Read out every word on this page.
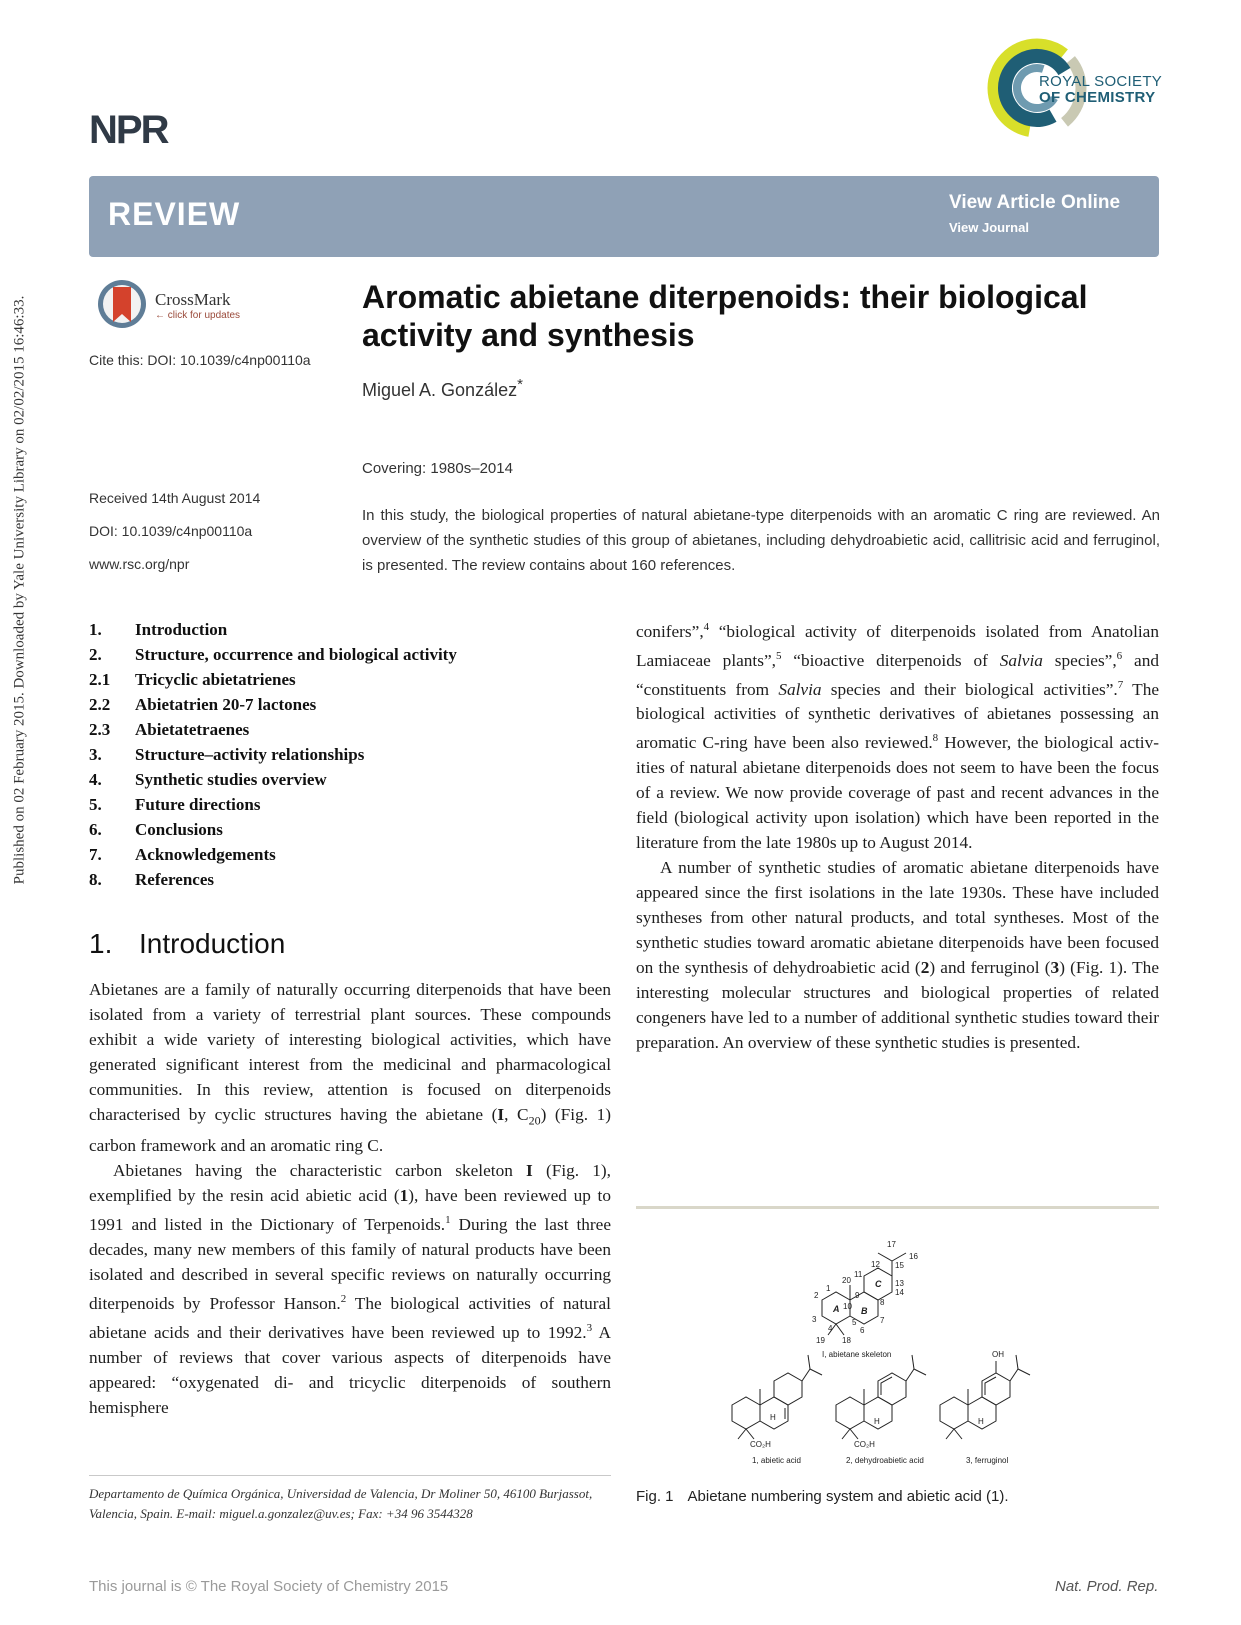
Published on 02 February 2015. Downloaded by Yale University Library on 02/02/2015 16:46:33.
NPR
ROYAL SOCIETY
OF CHEMISTRY
REVIEW	View Article Online
View Journal
CrossMark
← click for updates
Cite this: DOI: 10.1039/c4np00110a
Received 14th August 2014
DOI: 10.1039/c4np00110a
www.rsc.org/npr
Aromatic abietane diterpenoids: their biological activity and synthesis
Miguel A. González*
Covering: 1980s–2014
In this study, the biological properties of natural abietane-type diterpenoids with an aromatic C ring are reviewed. An overview of the synthetic studies of this group of abietanes, including dehydroabietic acid, callitrisic acid and ferruginol, is presented. The review contains about 160 references.
1.	Introduction
2.	Structure, occurrence and biological activity
2.1	Tricyclic abietatrienes
2.2	Abietatrien 20-7 lactones
2.3	Abietatetraenes
3.	Structure–activity relationships
4.	Synthetic studies overview
5.	Future directions
6.	Conclusions
7.	Acknowledgements
8.	References
1. Introduction

Abietanes are a family of naturally occurring diterpenoids that have been isolated from a variety of terrestrial plant sources. These compounds exhibit a wide variety of interesting biological activities, which have generated significant interest from the medicinal and pharmacological communities. In this review, attention is focused on diterpenoids characterised by cyclic structures having the abietane (I, $C_{20}$) (Fig. 1) carbon framework and an aromatic ring C.

Abietanes having the characteristic carbon skeleton I (Fig. 1), exemplified by the resin acid abietic acid (1), have been reviewed up to 1991 and listed in the Dictionary of Terpenoids.$^1$ During the last three decades, many new members of this family of natural products have been isolated and described in several specific reviews on naturally occurring diterpenoids by Professor Hanson.$^2$ The biological activities of natural abietane acids and their derivatives have been reviewed up to 1992.$^3$ A number of reviews that cover various aspects of diterpenoids have appeared: “oxygenated di- and tricyclic diterpenoids of southern hemisphere

conifers”,$^4$ “biological activity of diterpenoids isolated from Anatolian Lamiaceae plants”,$^5$ “bioactive diterpenoids of Salvia species”,$^6$ and “constituents from Salvia species and their biological activities”.$^7$ The biological activities of synthetic derivatives of abietanes possessing an aromatic C-ring have been also reviewed.$^8$ However, the biological activities of natural abietane diterpenoids does not seem to have been the focus of a review. We now provide coverage of past and recent advances in the field (biological activity upon isolation) which have been reported in the literature from the late 1980s up to August 2014.

A number of synthetic studies of aromatic abietane diterpenoids have appeared since the first isolations in the late 1930s. These have included syntheses from other natural products, and total syntheses. Most of the synthetic studies toward aromatic abietane diterpenoids have been focused on the synthesis of dehydroabietic acid (2) and ferruginol (3) (Fig. 1). The interesting molecular structures and biological properties of related congeners have led to a number of additional synthetic studies toward their preparation. An overview of these synthetic studies is presented.

Departamento de Química Orgánica, Universidad de Valencia, Dr Moliner 50, 46100 Burjassot, Valencia, Spain. E-mail: miguel.a.gonzalez@uv.es; Fax: +34 96 3544328
2
3
1
4
5
6
7
8
9
10
11
12
13
14
15
16
17
18
19
20
A B
C
I, abietane skeleton	OH
H	H	H
CO₂H	CO₂H
1, abietic acid	2, dehydroabietic acid	3, ferruginol
Fig. 1 Abietane numbering system and abietic acid (1).
This journal is © The Royal Society of Chemistry 2015	Nat. Prod. Rep.
